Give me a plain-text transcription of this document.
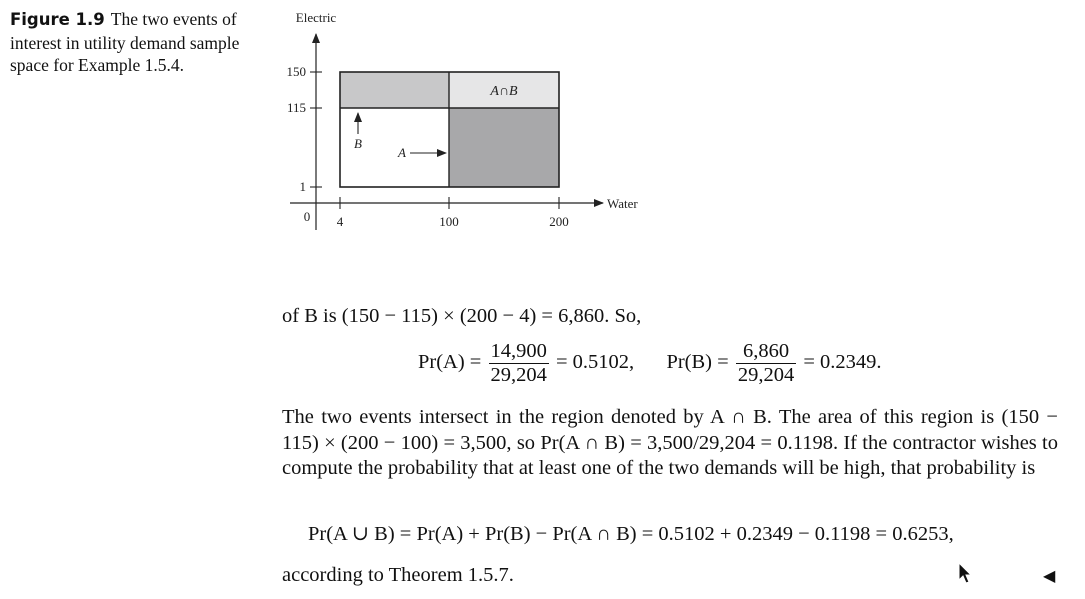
Figure 1.9 The two events of interest in utility demand sample space for Example 1.5.4.
Electric
Water
0
150
115
1
4	100	200
A∩B
B
A
of B is (150 − 115) × (200 − 4) = 6,860. So,
$Pr(A) = \frac{14,900}{29,204} = 0.5102$, $Pr(B) = \frac{6,860}{29,204} = 0.2349$.
The two events intersect in the region denoted by A ∩ B. The area of this region is (150 − 115) × (200 − 100) = 3,500, so Pr(A ∩ B) = 3,500/29,204 = 0.1198. If the contractor wishes to compute the probability that at least one of the two demands will be high, that probability is
Pr(A ∪ B) = Pr(A) + Pr(B) − Pr(A ∩ B) = 0.5102 + 0.2349 − 0.1198 = 0.6253,
according to Theorem 1.5.7.	◀
